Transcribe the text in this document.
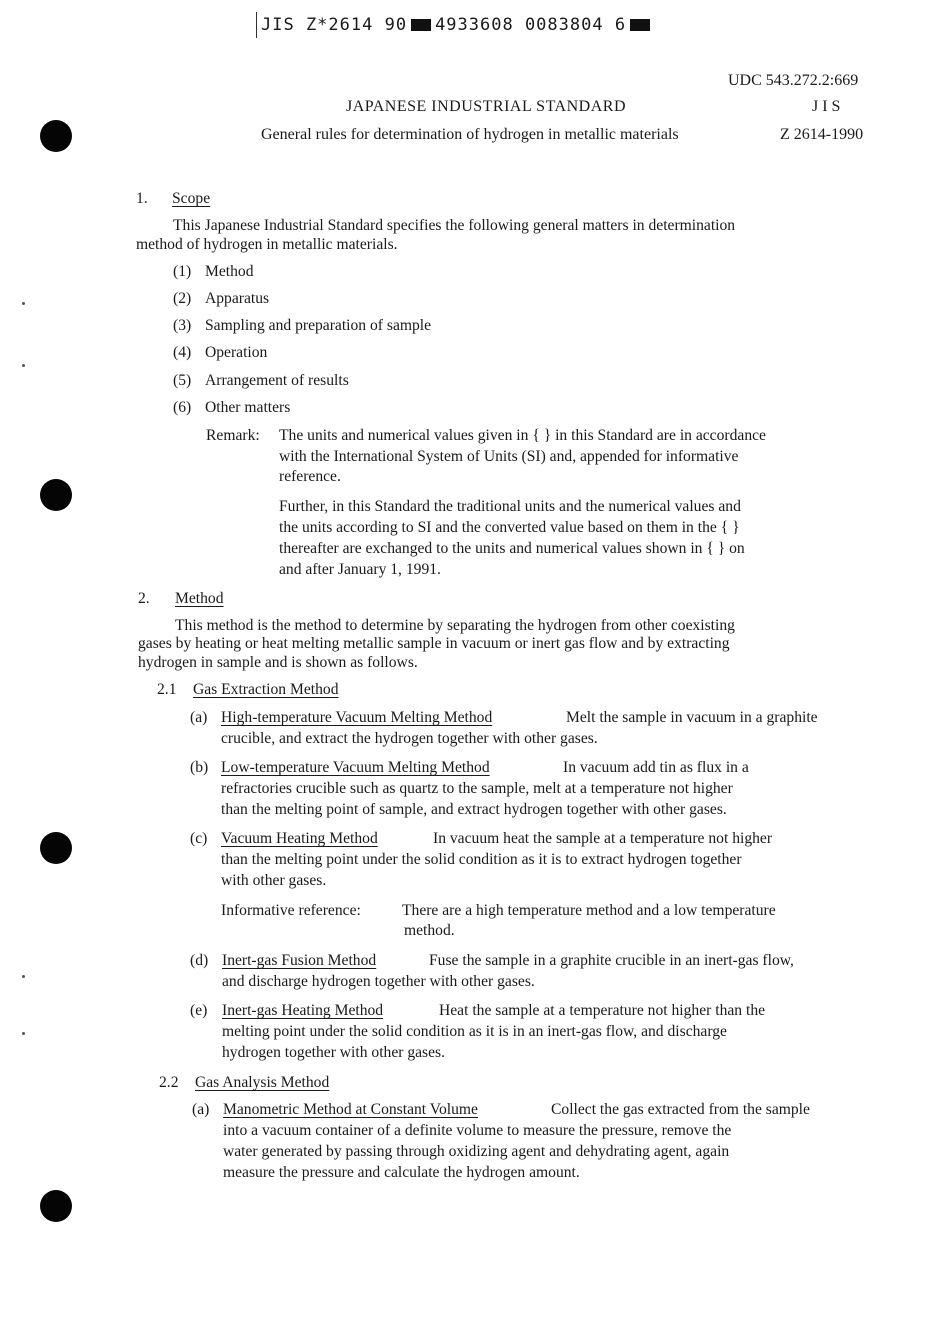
JIS Z*2614 90 4933608 0083804 6
UDC 543.272.2:669
JAPANESE INDUSTRIAL STANDARD	J I S
General rules for determination of hydrogen in metallic materials	Z 2614-1990
1. Scope
This Japanese Industrial Standard specifies the following general matters in determination
method of hydrogen in metallic materials.
(1) Method
(2) Apparatus
(3) Sampling and preparation of sample
(4) Operation
(5) Arrangement of results
(6) Other matters
Remark: The units and numerical values given in { } in this Standard are in accordance
with the International System of Units (SI) and, appended for informative
reference.
Further, in this Standard the traditional units and the numerical values and
the units according to SI and the converted value based on them in the { }
thereafter are exchanged to the units and numerical values shown in { } on
and after January 1, 1991.
2. Method
This method is the method to determine by separating the hydrogen from other coexisting
gases by heating or heat melting metallic sample in vacuum or inert gas flow and by extracting
hydrogen in sample and is shown as follows.
2.1 Gas Extraction Method
(a) High-temperature Vacuum Melting Method	Melt the sample in vacuum in a graphite
crucible, and extract the hydrogen together with other gases.
(b) Low-temperature Vacuum Melting Method	In vacuum add tin as flux in a
refractories crucible such as quartz to the sample, melt at a temperature not higher
than the melting point of sample, and extract hydrogen together with other gases.
(c) Vacuum Heating Method	In vacuum heat the sample at a temperature not higher
than the melting point under the solid condition as it is to extract hydrogen together
with other gases.
Informative reference:	There are a high temperature method and a low temperature
method.
(d) Inert-gas Fusion Method	Fuse the sample in a graphite crucible in an inert-gas flow,
and discharge hydrogen together with other gases.
(e) Inert-gas Heating Method	Heat the sample at a temperature not higher than the
melting point under the solid condition as it is in an inert-gas flow, and discharge
hydrogen together with other gases.
2.2 Gas Analysis Method
(a) Manometric Method at Constant Volume	Collect the gas extracted from the sample
into a vacuum container of a definite volume to measure the pressure, remove the
water generated by passing through oxidizing agent and dehydrating agent, again
measure the pressure and calculate the hydrogen amount.
